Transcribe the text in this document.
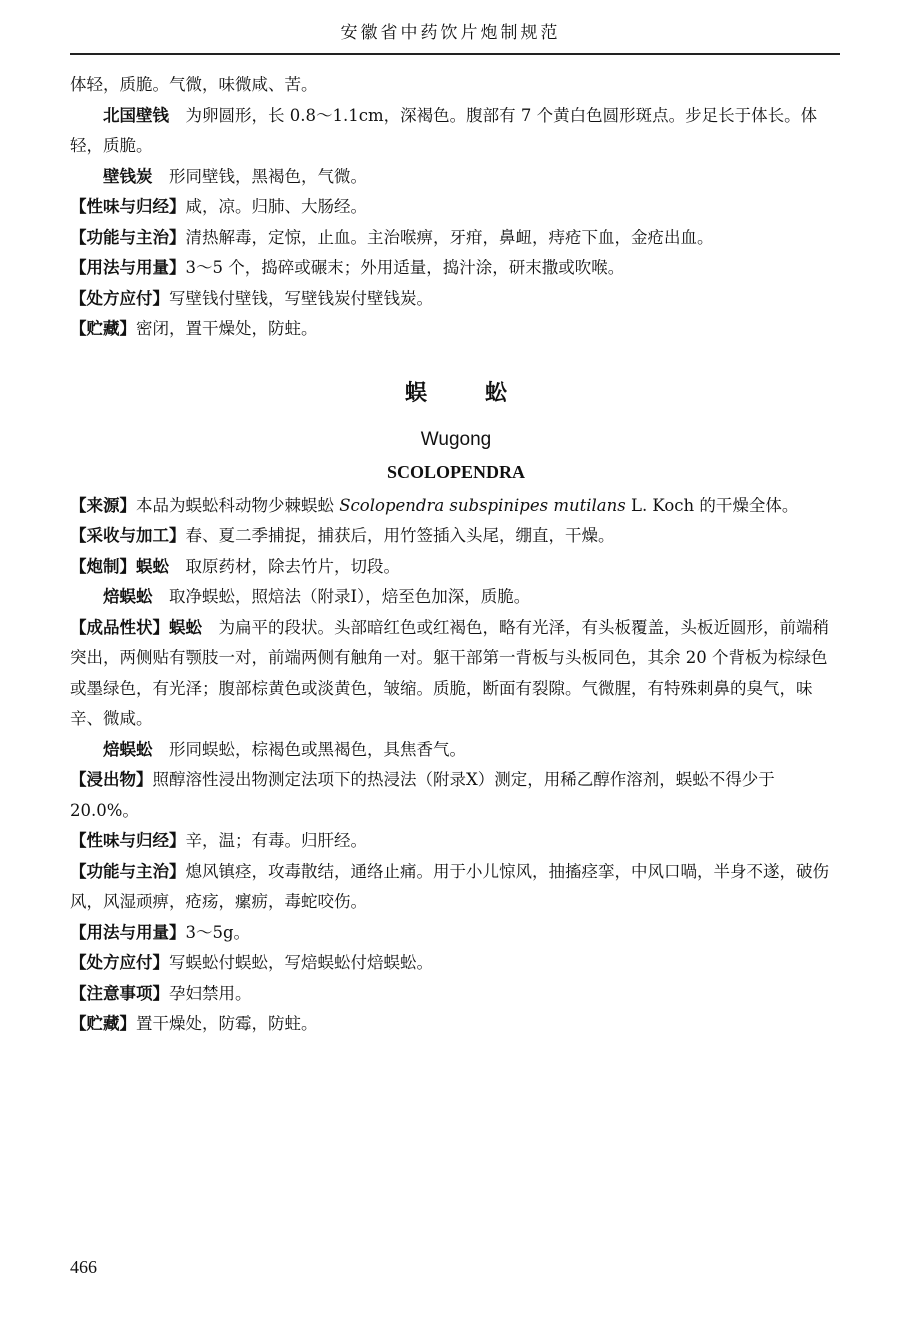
安徽省中药饮片炮制规范

体轻，质脆。气微，味微咸、苦。

北国壁钱 为卵圆形，长 0.8～1.1cm，深褐色。腹部有 7 个黄白色圆形斑点。步足长于体长。体轻，质脆。

壁钱炭 形同壁钱，黑褐色，气微。

【性味与归经】咸，凉。归肺、大肠经。

【功能与主治】清热解毒，定惊，止血。主治喉痹，牙疳，鼻衄，痔疮下血，金疮出血。

【用法与用量】3～5 个，捣碎或碾末；外用适量，捣汁涂，研末撒或吹喉。

【处方应付】写壁钱付壁钱，写壁钱炭付壁钱炭。

【贮藏】密闭，置干燥处，防蛀。

蜈蚣
Wugong
SCOLOPENDRA

【来源】本品为蜈蚣科动物少棘蜈蚣 Scolopendra subspinipes mutilans L. Koch 的干燥全体。

【采收与加工】春、夏二季捕捉，捕获后，用竹签插入头尾，绷直，干燥。

【炮制】蜈蚣 取原药材，除去竹片，切段。

焙蜈蚣 取净蜈蚣，照焙法（附录Ⅰ），焙至色加深，质脆。

【成品性状】蜈蚣 为扁平的段状。头部暗红色或红褐色，略有光泽，有头板覆盖，头板近圆形，前端稍突出，两侧贴有颚肢一对，前端两侧有触角一对。躯干部第一背板与头板同色，其余 20 个背板为棕绿色或墨绿色，有光泽；腹部棕黄色或淡黄色，皱缩。质脆，断面有裂隙。气微腥，有特殊刺鼻的臭气，味辛、微咸。

焙蜈蚣 形同蜈蚣，棕褐色或黑褐色，具焦香气。

【浸出物】照醇溶性浸出物测定法项下的热浸法（附录Ⅹ）测定，用稀乙醇作溶剂，蜈蚣不得少于 20.0%。

【性味与归经】辛，温；有毒。归肝经。

【功能与主治】熄风镇痉，攻毒散结，通络止痛。用于小儿惊风，抽搐痉挛，中风口喎，半身不遂，破伤风，风湿顽痹，疮疡，瘰疬，毒蛇咬伤。

【用法与用量】3～5g。

【处方应付】写蜈蚣付蜈蚣，写焙蜈蚣付焙蜈蚣。

【注意事项】孕妇禁用。

【贮藏】置干燥处，防霉，防蛀。

466
